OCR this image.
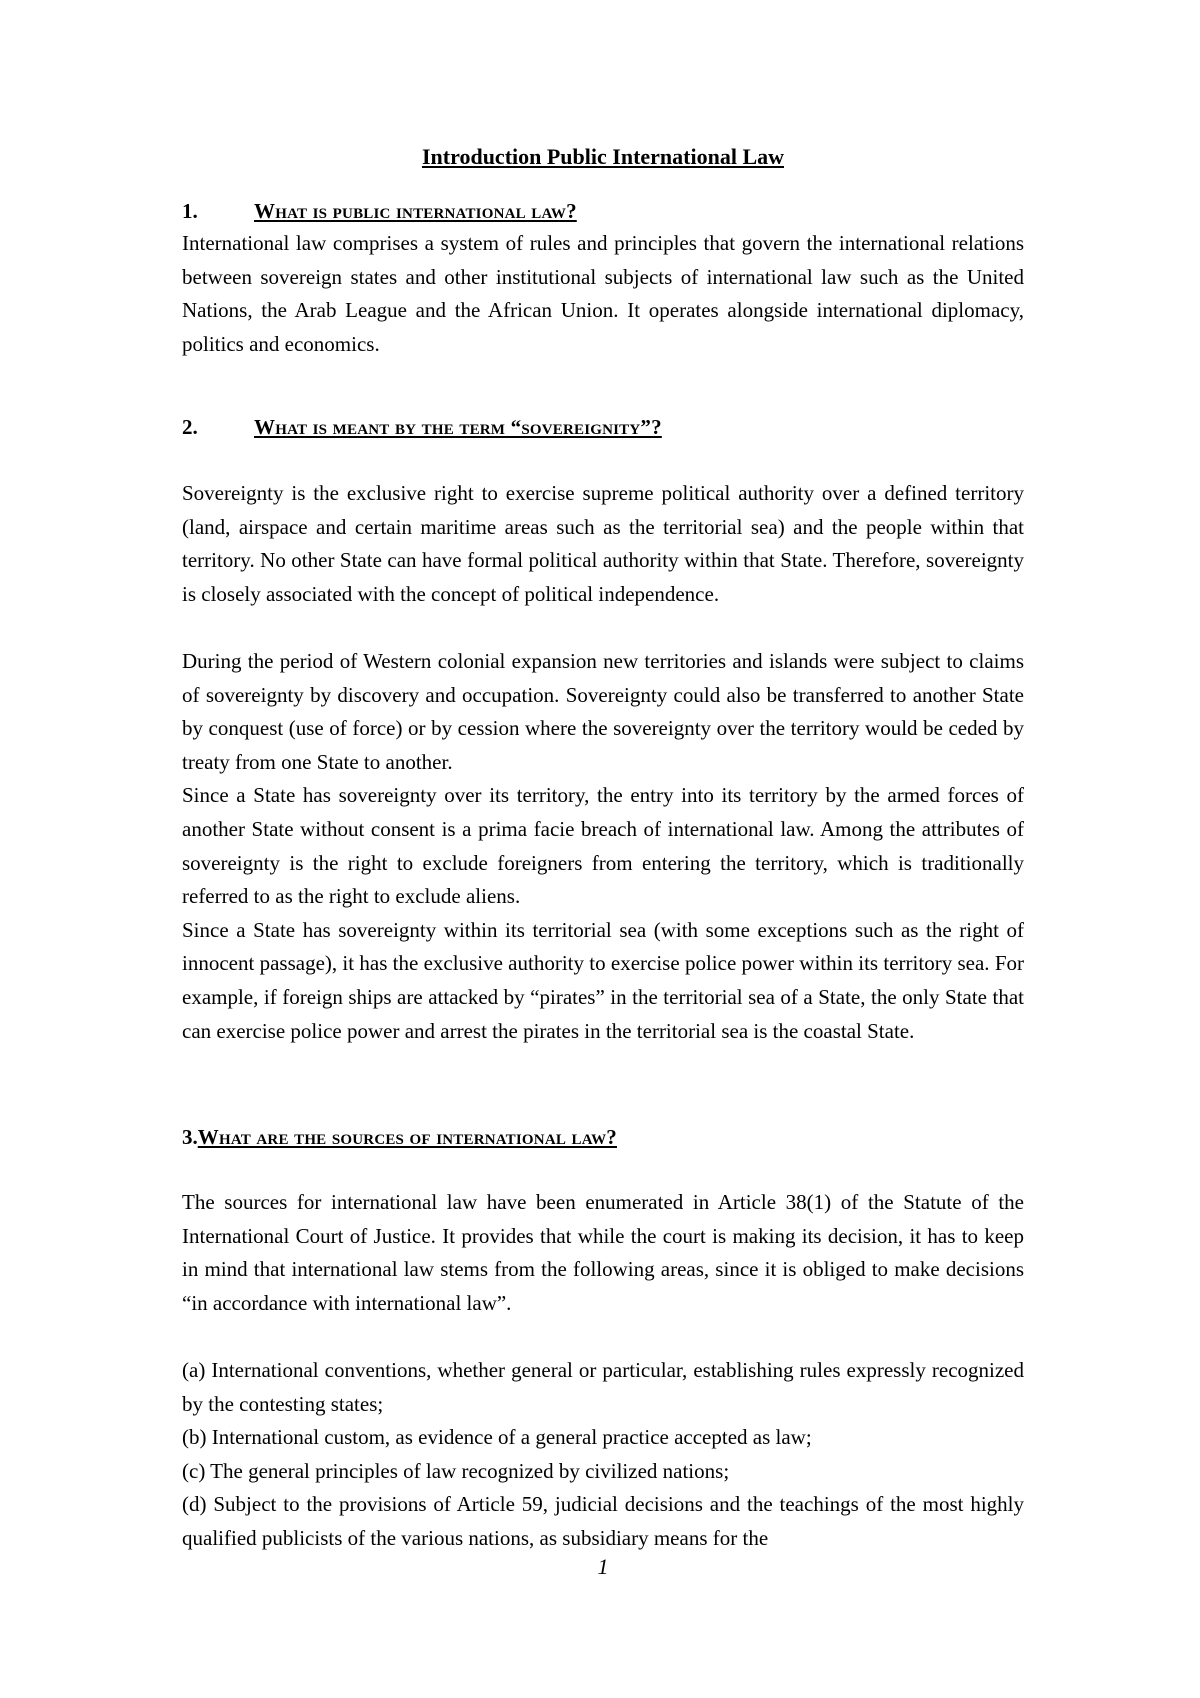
Introduction Public International Law
1.	What is public international law?

International law comprises a system of rules and principles that govern the international relations between sovereign states and other institutional subjects of international law such as the United Nations, the Arab League and the African Union. It operates alongside international diplomacy, politics and economics.

2.	What is meant by the term “sovereignity”?

Sovereignty is the exclusive right to exercise supreme political authority over a defined territory (land, airspace and certain maritime areas such as the territorial sea) and the people within that territory. No other State can have formal political authority within that State. Therefore, sovereignty is closely associated with the concept of political independence.

During the period of Western colonial expansion new territories and islands were subject to claims of sovereignty by discovery and occupation. Sovereignty could also be transferred to another State by conquest (use of force) or by cession where the sovereignty over the territory would be ceded by treaty from one State to another.

Since a State has sovereignty over its territory, the entry into its territory by the armed forces of another State without consent is a prima facie breach of international law. Among the attributes of sovereignty is the right to exclude foreigners from entering the territory, which is traditionally referred to as the right to exclude aliens.

Since a State has sovereignty within its territorial sea (with some exceptions such as the right of innocent passage), it has the exclusive authority to exercise police power within its territory sea. For example, if foreign ships are attacked by “pirates” in the territorial sea of a State, the only State that can exercise police power and arrest the pirates in the territorial sea is the coastal State.

3.What are the sources of international law?

The sources for international law have been enumerated in Article 38(1) of the Statute of the International Court of Justice. It provides that while the court is making its decision, it has to keep in mind that international law stems from the following areas, since it is obliged to make decisions “in accordance with international law”.

(a) International conventions, whether general or particular, establishing rules expressly recognized by the contesting states;

(b) International custom, as evidence of a general practice accepted as law;

(c) The general principles of law recognized by civilized nations;

(d) Subject to the provisions of Article 59, judicial decisions and the teachings of the most highly qualified publicists of the various nations, as subsidiary means for the

1
